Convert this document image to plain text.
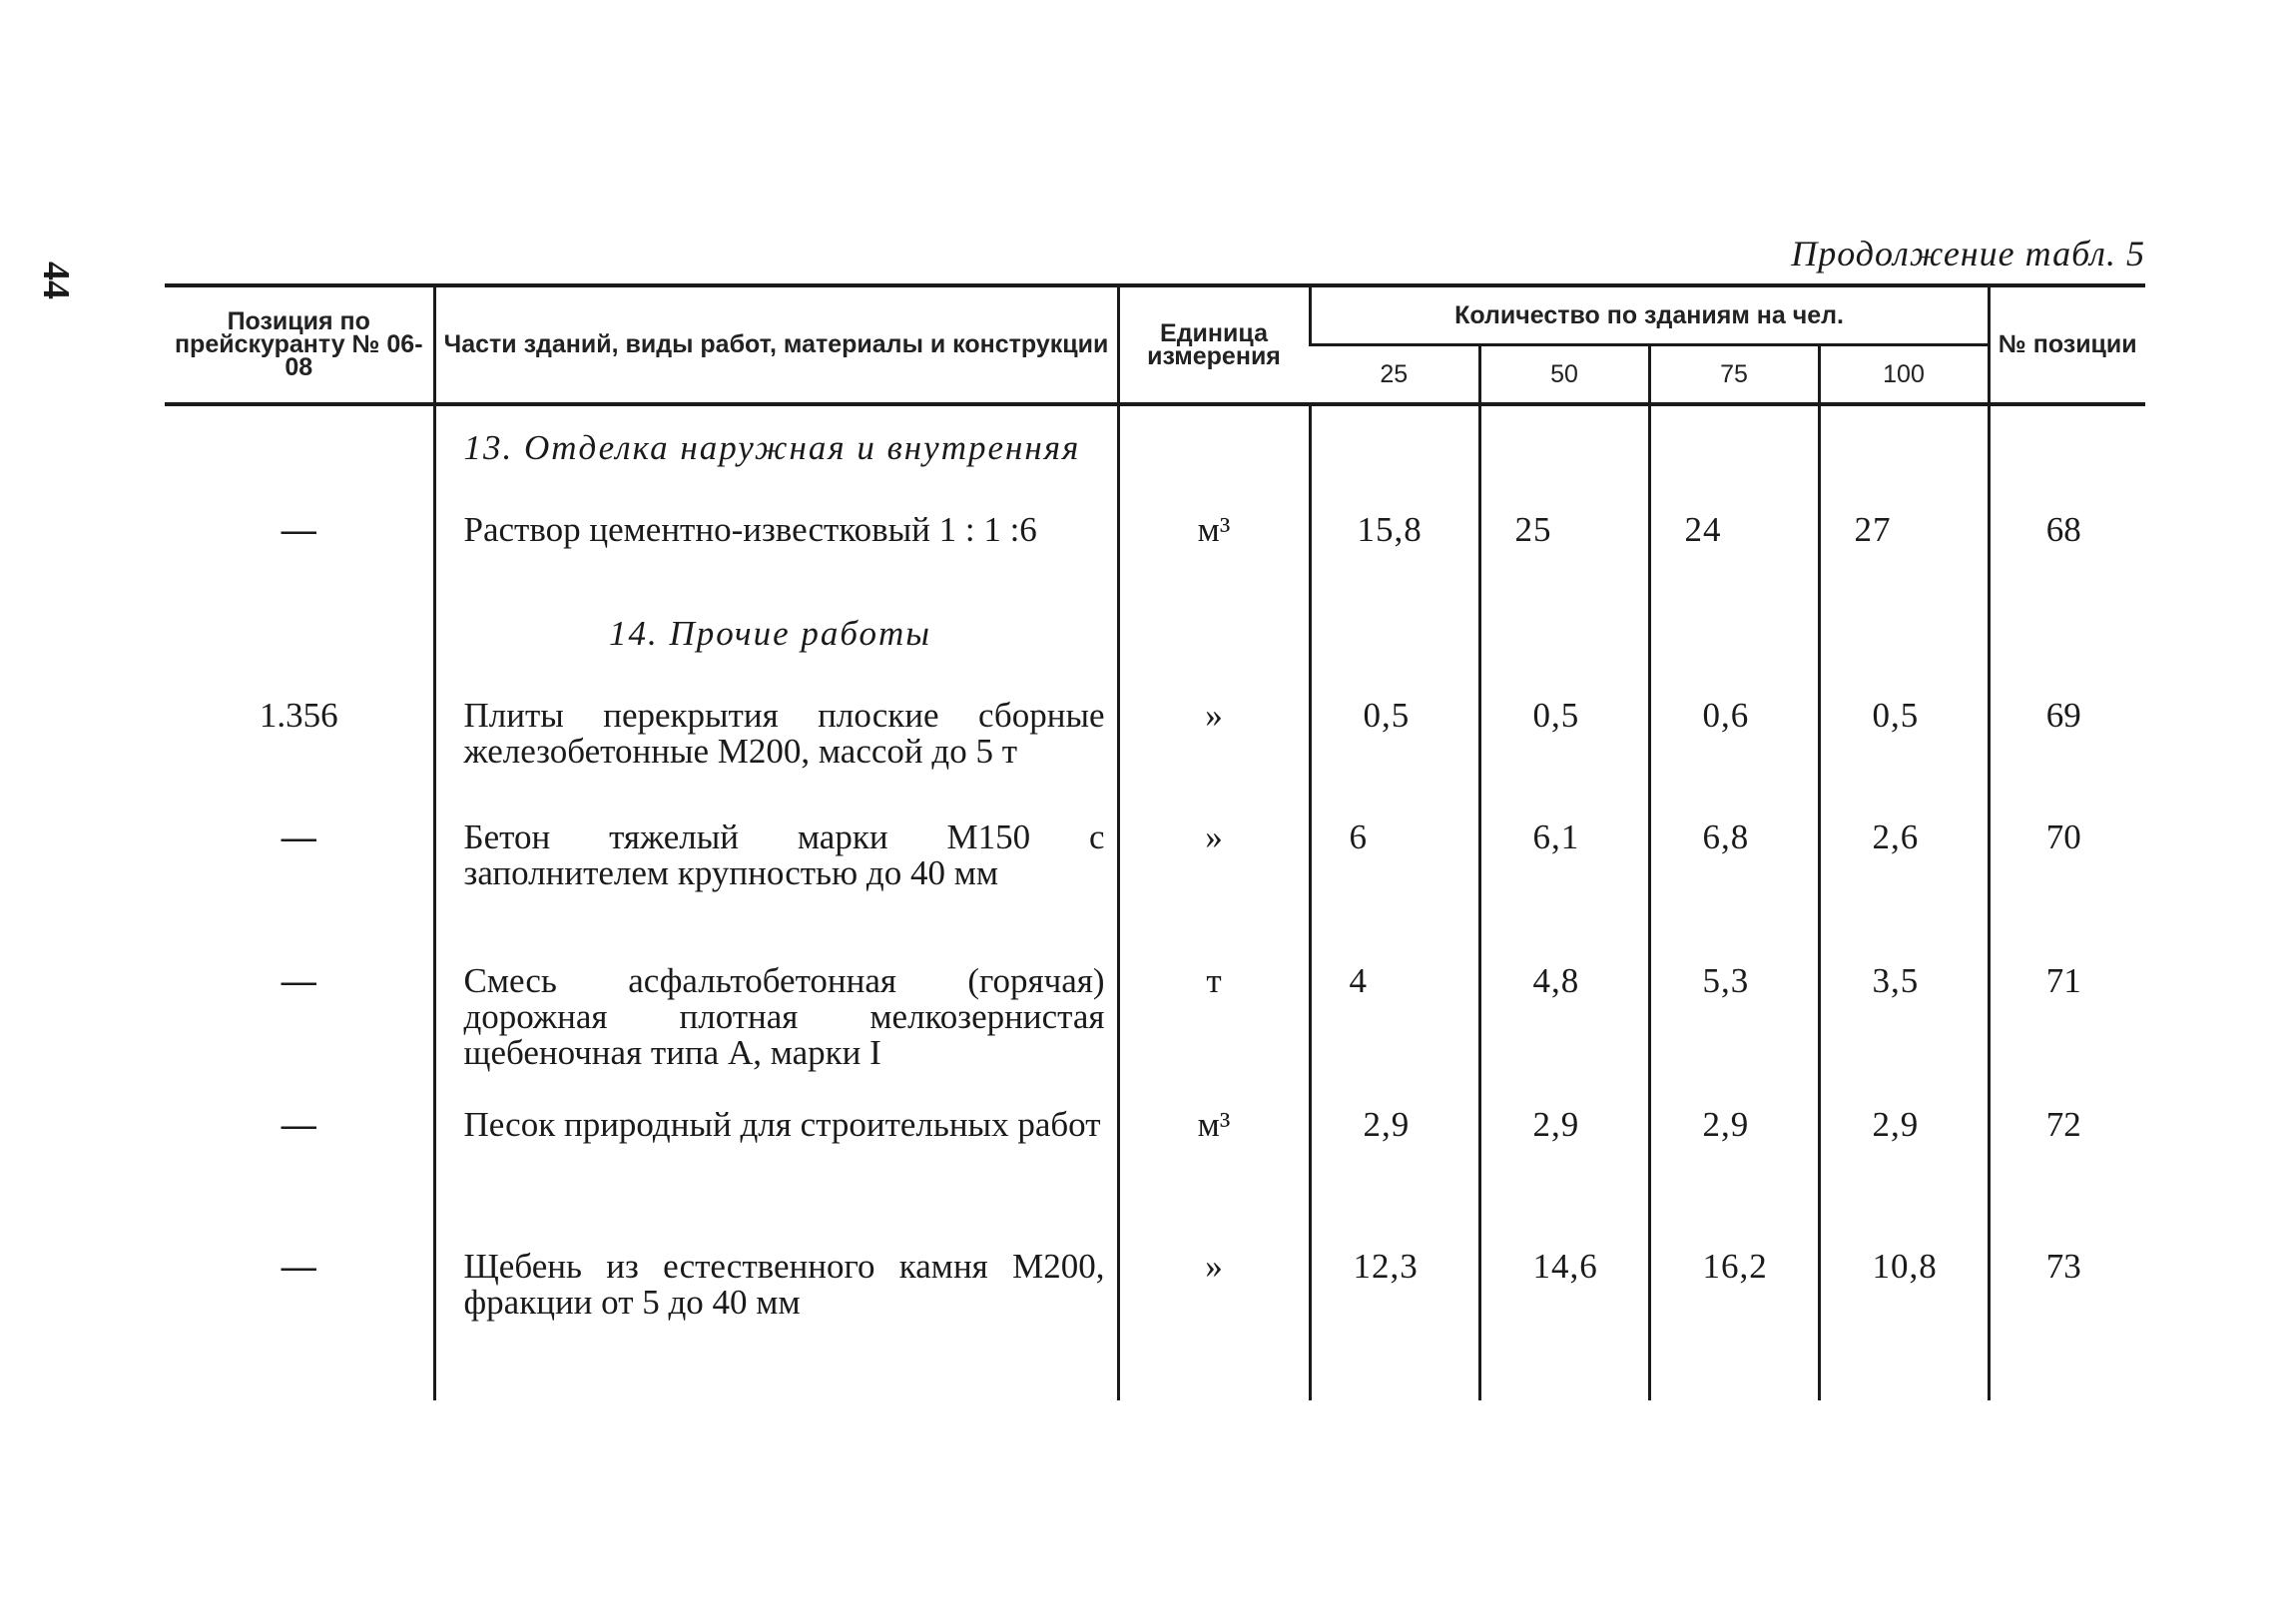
44
Продолжение табл. 5
Позиция по прейскуранту № 06-08	Части зданий, виды работ, материалы и конструкции	Единица измерения	Количество по зданиям на чел.				№ позиции
			25	50	75	100	
	13. Отделка наружная и внутренняя						
—	Раствор цементно-известковый 1 : 1 :6	м³	15,8	25	24	27	68
	14. Прочие работы						
1.356	Плиты перекрытия плоские сборные железобетонные М200, массой до 5 т	»	0,5	0,5	0,6	0,5	69
—	Бетон тяжелый марки М150 с заполнителем крупностью до 40 мм	»	6	6,1	6,8	2,6	70
—	Смесь асфальтобетонная (горячая) дорожная плотная мелкозернистая щебеночная типа А, марки I	т	4	4,8	5,3	3,5	71
—	Песок природный для строительных работ	м³	2,9	2,9	2,9	2,9	72
—	Щебень из естественного камня М200, фракции от 5 до 40 мм	»	12,3	14,6	16,2	10,8	73
